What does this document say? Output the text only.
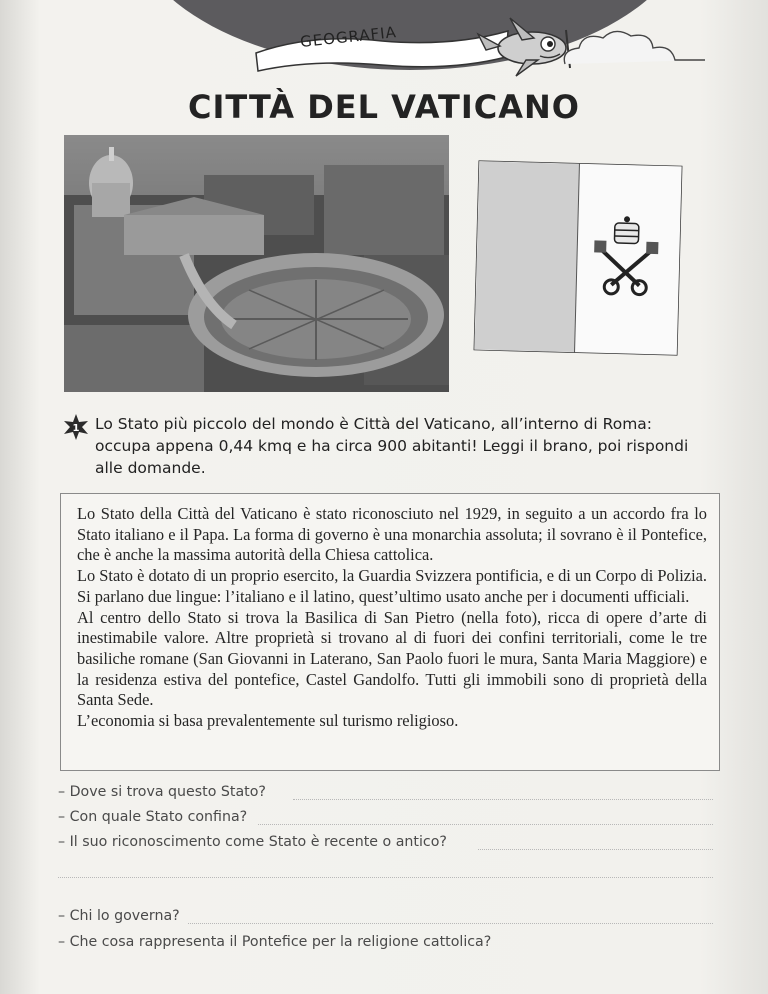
GEOGRAFIA
CITTÀ DEL VATICANO
1 Lo Stato più piccolo del mondo è Città del Vaticano, all’interno di Roma: occupa appena 0,44 kmq e ha circa 900 abitanti! Leggi il brano, poi rispondi alle domande.

Lo Stato della Città del Vaticano è stato riconosciuto nel 1929, in seguito a un accordo fra lo Stato italiano e il Papa. La forma di governo è una monarchia assoluta; il sovrano è il Pontefice, che è anche la massima autorità della Chiesa cattolica.

Lo Stato è dotato di un proprio esercito, la Guardia Svizzera pontificia, e di un Corpo di Polizia. Si parlano due lingue: l’italiano e il latino, quest’ultimo usato anche per i documenti ufficiali.

Al centro dello Stato si trova la Basilica di San Pietro (nella foto), ricca di opere d’arte di inestimabile valore. Altre proprietà si trovano al di fuori dei confini territoriali, come le tre basiliche romane (San Giovanni in Laterano, San Paolo fuori le mura, Santa Maria Maggiore) e la residenza estiva del pontefice, Castel Gandolfo. Tutti gli immobili sono di proprietà della Santa Sede.

L’economia si basa prevalentemente sul turismo religioso.

– Dove si trova questo Stato?
– Con quale Stato confina?
– Il suo riconoscimento come Stato è recente o antico?
– Chi lo governa?
– Che cosa rappresenta il Pontefice per la religione cattolica?
